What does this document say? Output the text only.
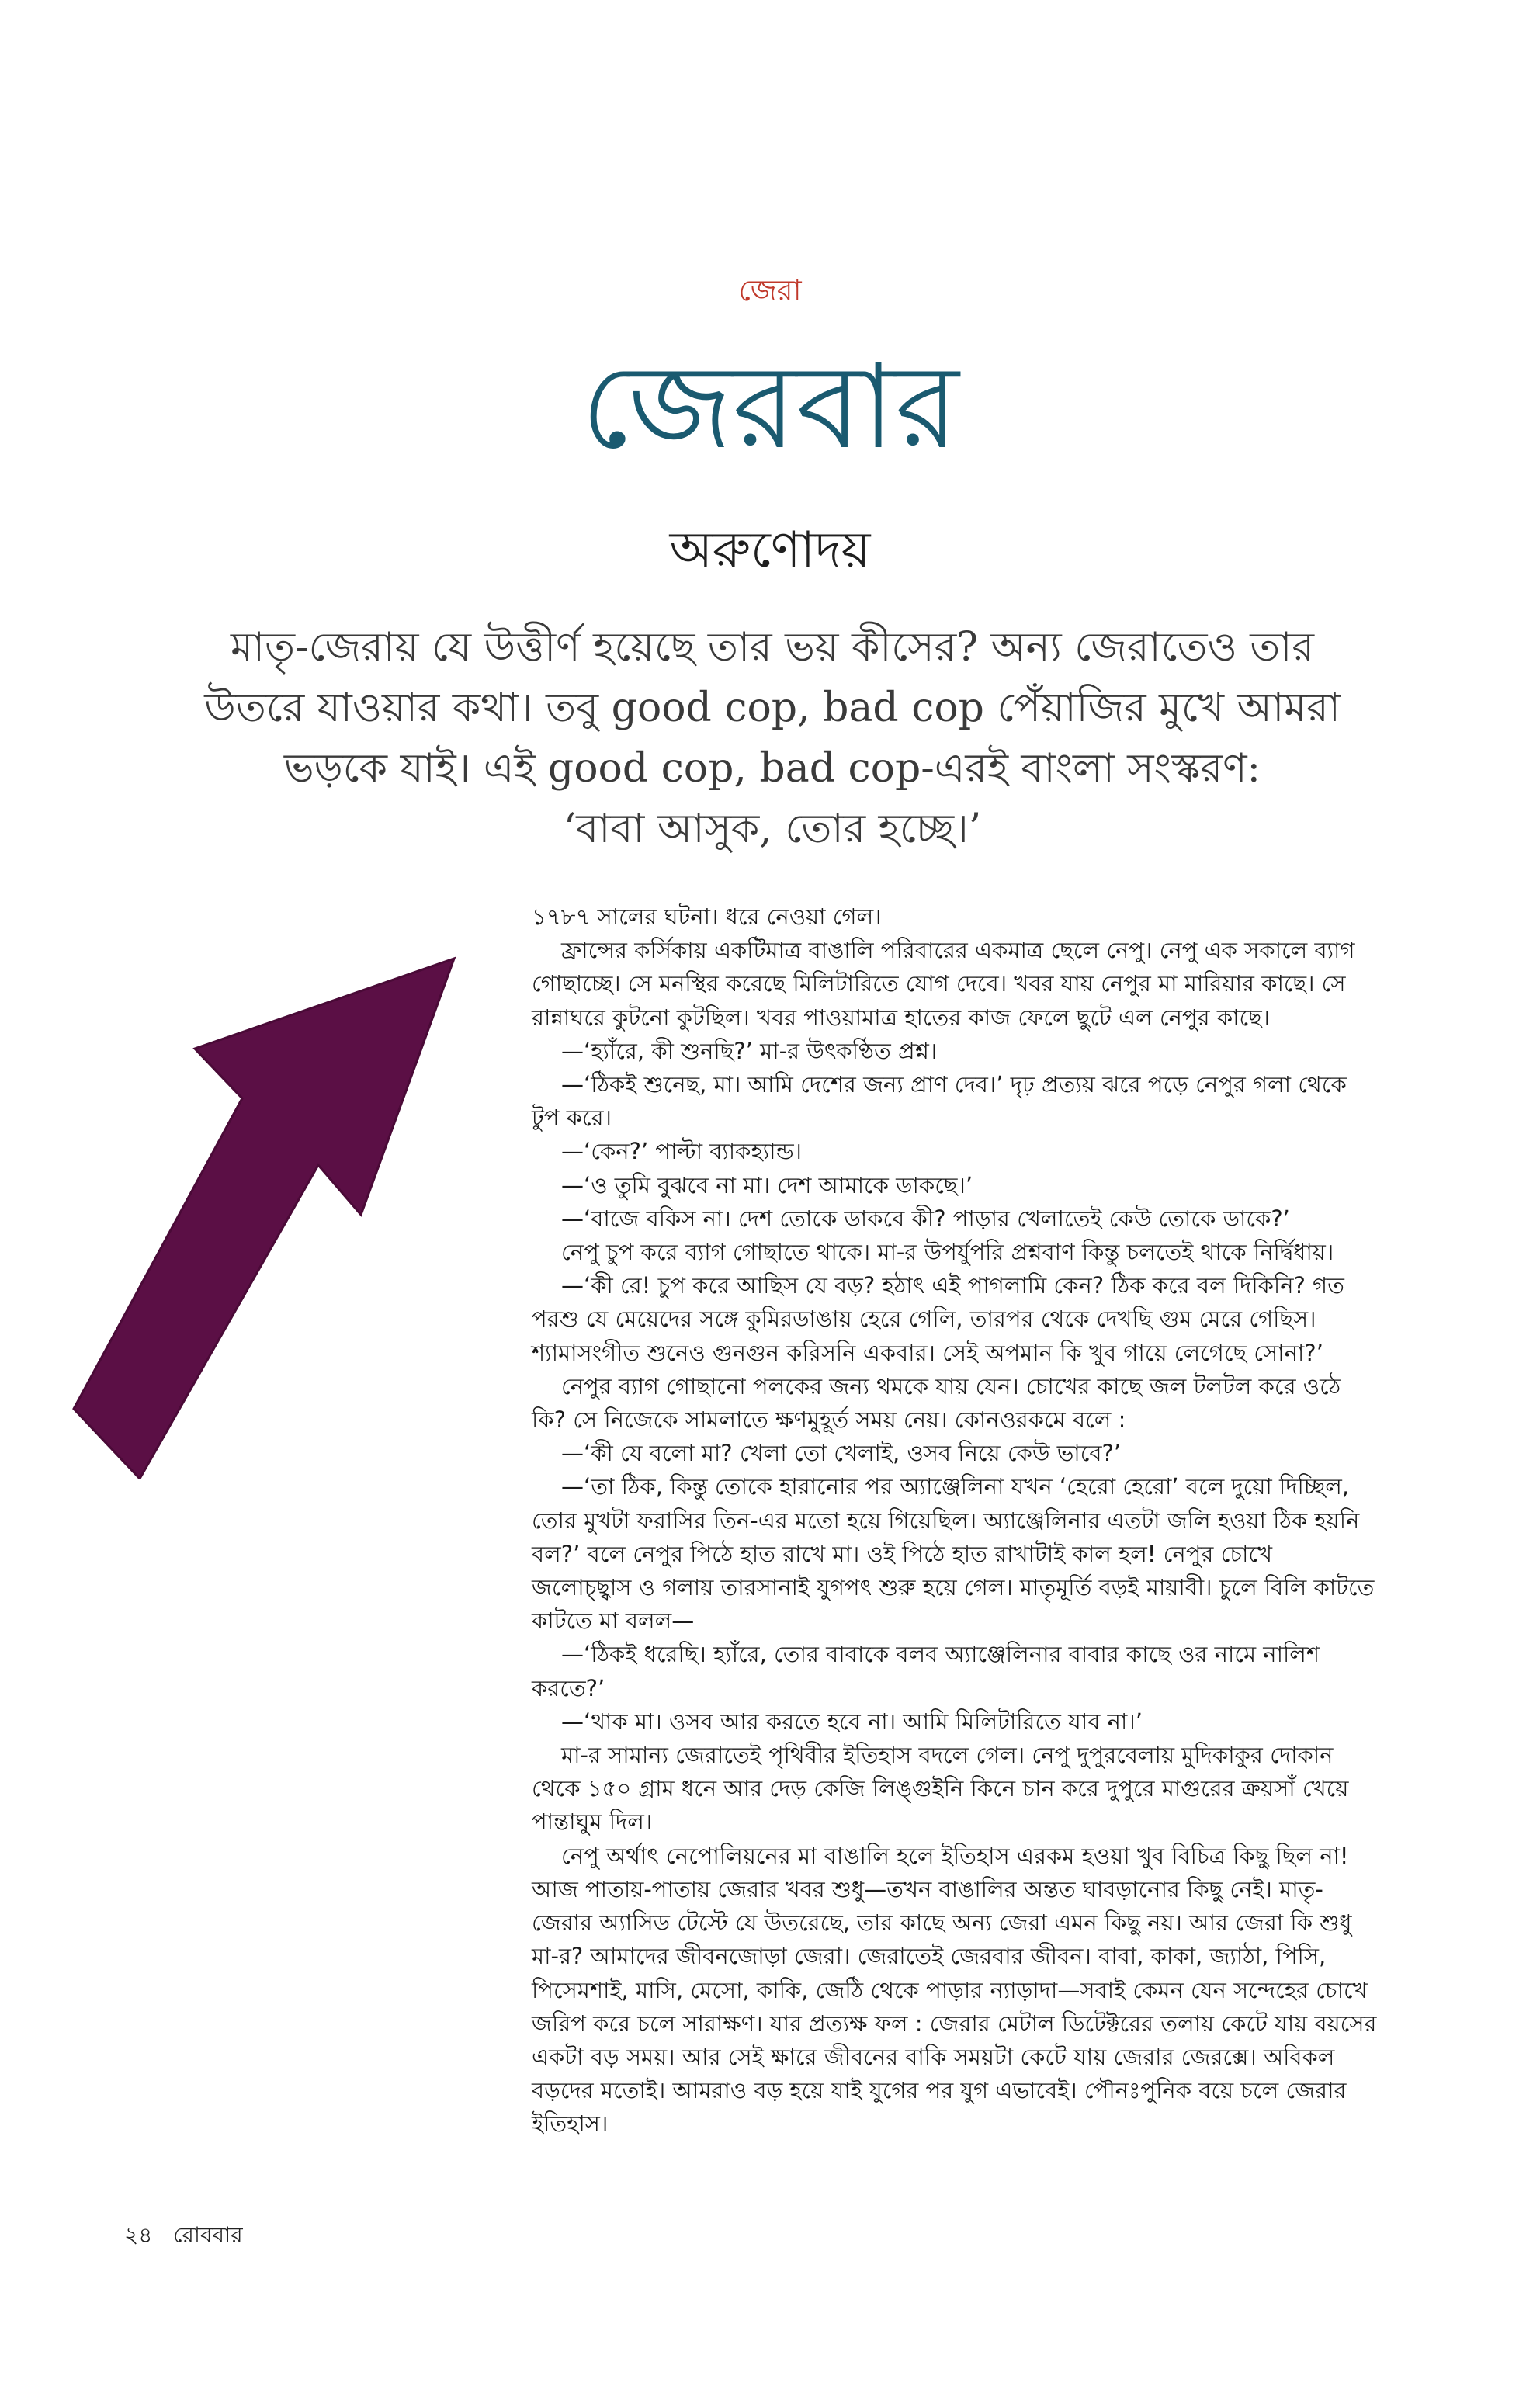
জেরা
জেরবার
অরুণোদয়

মাতৃ-জেরায় যে উত্তীর্ণ হয়েছে তার ভয় কীসের? অন্য জেরাতেও তার উতরে যাওয়ার কথা। তবু good cop, bad cop পেঁয়াজির মুখে আমরা ভড়কে যাই। এই good cop, bad cop-এরই বাংলা সংস্করণ:

‘বাবা আসুক, তোর হচ্ছে।’

১৭৮৭ সালের ঘটনা। ধরে নেওয়া গেল।

ফ্রান্সের কর্সিকায় একটিমাত্র বাঙালি পরিবারের একমাত্র ছেলে নেপু। নেপু এক সকালে ব্যাগ গোছাচ্ছে। সে মনস্থির করেছে মিলিটারিতে যোগ দেবে। খবর যায় নেপুর মা মারিয়ার কাছে। সে রান্নাঘরে কুটনো কুটছিল। খবর পাওয়ামাত্র হাতের কাজ ফেলে ছুটে এল নেপুর কাছে।

—‘হ্যাঁরে, কী শুনছি?’ মা-র উৎকণ্ঠিত প্রশ্ন।

—‘ঠিকই শুনেছ, মা। আমি দেশের জন্য প্রাণ দেব।’ দৃঢ় প্রত্যয় ঝরে পড়ে নেপুর গলা থেকে টুপ করে।

—‘কেন?’ পাল্টা ব্যাকহ্যান্ড।

—‘ও তুমি বুঝবে না মা। দেশ আমাকে ডাকছে।’

—‘বাজে বকিস না। দেশ তোকে ডাকবে কী? পাড়ার খেলাতেই কেউ তোকে ডাকে?’

নেপু চুপ করে ব্যাগ গোছাতে থাকে। মা-র উপর্যুপরি প্রশ্নবাণ কিন্তু চলতেই থাকে নির্দ্বিধায়।

—‘কী রে! চুপ করে আছিস যে বড়? হঠাৎ এই পাগলামি কেন? ঠিক করে বল দিকিনি? গত পরশু যে মেয়েদের সঙ্গে কুমিরডাঙায় হেরে গেলি, তারপর থেকে দেখছি গুম মেরে গেছিস। শ্যামাসংগীত শুনেও গুনগুন করিসনি একবার। সেই অপমান কি খুব গায়ে লেগেছে সোনা?’

নেপুর ব্যাগ গোছানো পলকের জন্য থমকে যায় যেন। চোখের কাছে জল টলটল করে ওঠে কি? সে নিজেকে সামলাতে ক্ষণমুহূর্ত সময় নেয়। কোনওরকমে বলে :

—‘কী যে বলো মা? খেলা তো খেলাই, ওসব নিয়ে কেউ ভাবে?’

—‘তা ঠিক, কিন্তু তোকে হারানোর পর অ্যাঞ্জেলিনা যখন ‘হেরো হেরো’ বলে দুয়ো দিচ্ছিল, তোর মুখটা ফরাসির তিন-এর মতো হয়ে গিয়েছিল। অ্যাঞ্জেলিনার এতটা জলি হওয়া ঠিক হয়নি বল?’ বলে নেপুর পিঠে হাত রাখে মা। ওই পিঠে হাত রাখাটাই কাল হল! নেপুর চোখে জলোচ্ছ্বাস ও গলায় তারসানাই যুগপৎ শুরু হয়ে গেল। মাতৃমূর্তি বড়ই মায়াবী। চুলে বিলি কাটতে কাটতে মা বলল—

—‘ঠিকই ধরেছি। হ্যাঁরে, তোর বাবাকে বলব অ্যাঞ্জেলিনার বাবার কাছে ওর নামে নালিশ করতে?’

—‘থাক মা। ওসব আর করতে হবে না। আমি মিলিটারিতে যাব না।’

মা-র সামান্য জেরাতেই পৃথিবীর ইতিহাস বদলে গেল। নেপু দুপুরবেলায় মুদিকাকুর দোকান থেকে ১৫০ গ্রাম ধনে আর দেড় কেজি লিঙ্গুইনি কিনে চান করে দুপুরে মাগুরের ক্রয়সাঁ খেয়ে পান্তাঘুম দিল।

নেপু অর্থাৎ নেপোলিয়নের মা বাঙালি হলে ইতিহাস এরকম হওয়া খুব বিচিত্র কিছু ছিল না! আজ পাতায়-পাতায় জেরার খবর শুধু—তখন বাঙালির অন্তত ঘাবড়ানোর কিছু নেই। মাতৃ-জেরার অ্যাসিড টেস্টে যে উতরেছে, তার কাছে অন্য জেরা এমন কিছু নয়। আর জেরা কি শুধু মা-র? আমাদের জীবনজোড়া জেরা। জেরাতেই জেরবার জীবন। বাবা, কাকা, জ্যাঠা, পিসি, পিসেমশাই, মাসি, মেসো, কাকি, জেঠি থেকে পাড়ার ন্যাড়াদা—সবাই কেমন যেন সন্দেহের চোখে জরিপ করে চলে সারাক্ষণ। যার প্রত্যক্ষ ফল : জেরার মেটাল ডিটেক্টরের তলায় কেটে যায় বয়সের একটা বড় সময়। আর সেই ক্ষারে জীবনের বাকি সময়টা কেটে যায় জেরার জেরক্সে। অবিকল বড়দের মতোই। আমরাও বড় হয়ে যাই যুগের পর যুগ এভাবেই। পৌনঃপুনিক বয়ে চলে জেরার ইতিহাস।

২৪ রোববার
